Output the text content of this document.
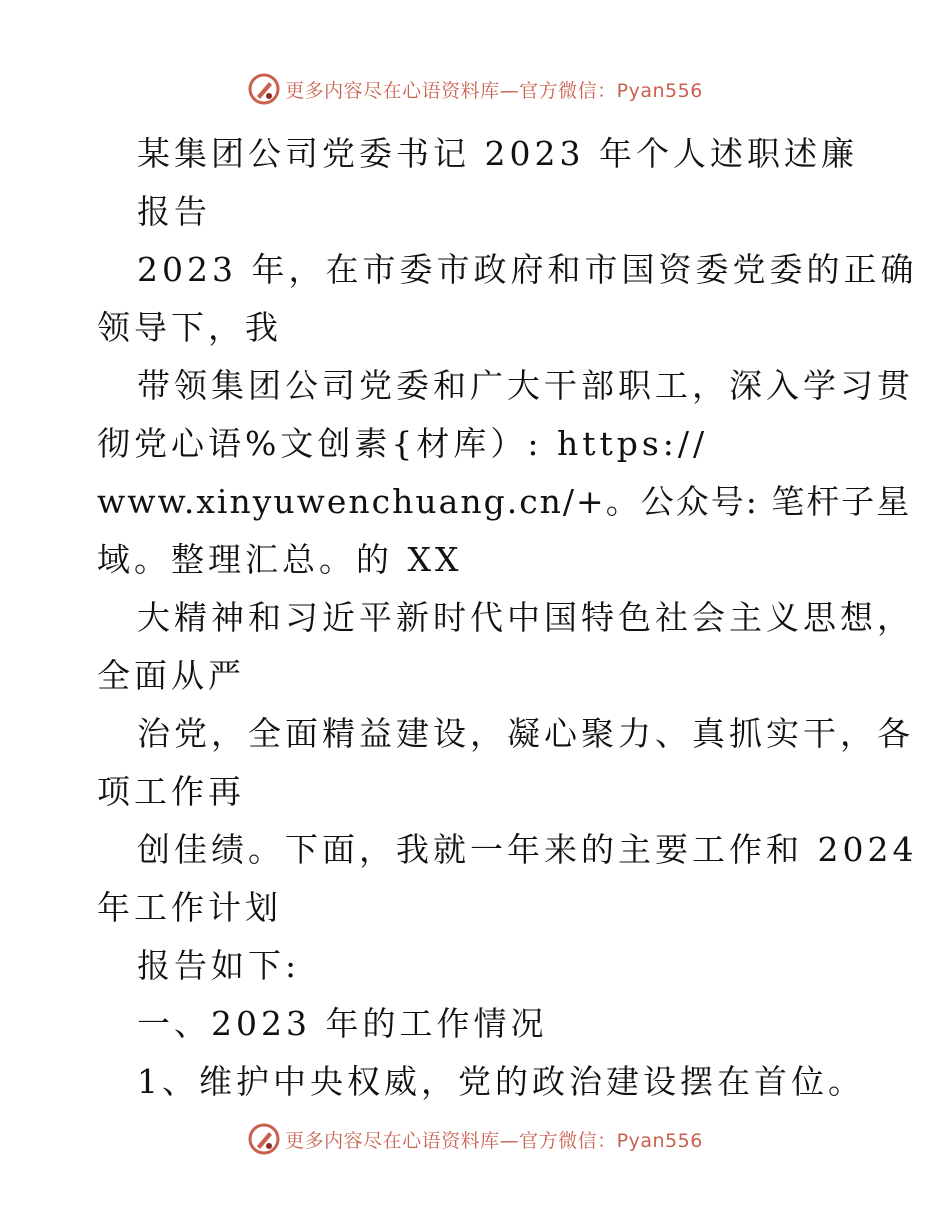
更多内容尽在心语资料库—官方微信：Pyan556
某集团公司党委书记 2023 年个人述职述廉
报告
2023 年，在市委市政府和市国资委党委的正确
领导下，我
带领集团公司党委和广大干部职工，深入学习贯
彻党心语%文创素{材库）: https://
www.xinyuwenchuang.cn/+。公众号: 笔杆子星
域。整理汇总。的 XX
大精神和习近平新时代中国特色社会主义思想，
全面从严
治党，全面精益建设，凝心聚力、真抓实干，各
项工作再
创佳绩。下面，我就一年来的主要工作和 2024
年工作计划
报告如下:
一、2023 年的工作情况
1、维护中央权威，党的政治建设摆在首位。
更多内容尽在心语资料库—官方微信：Pyan556
